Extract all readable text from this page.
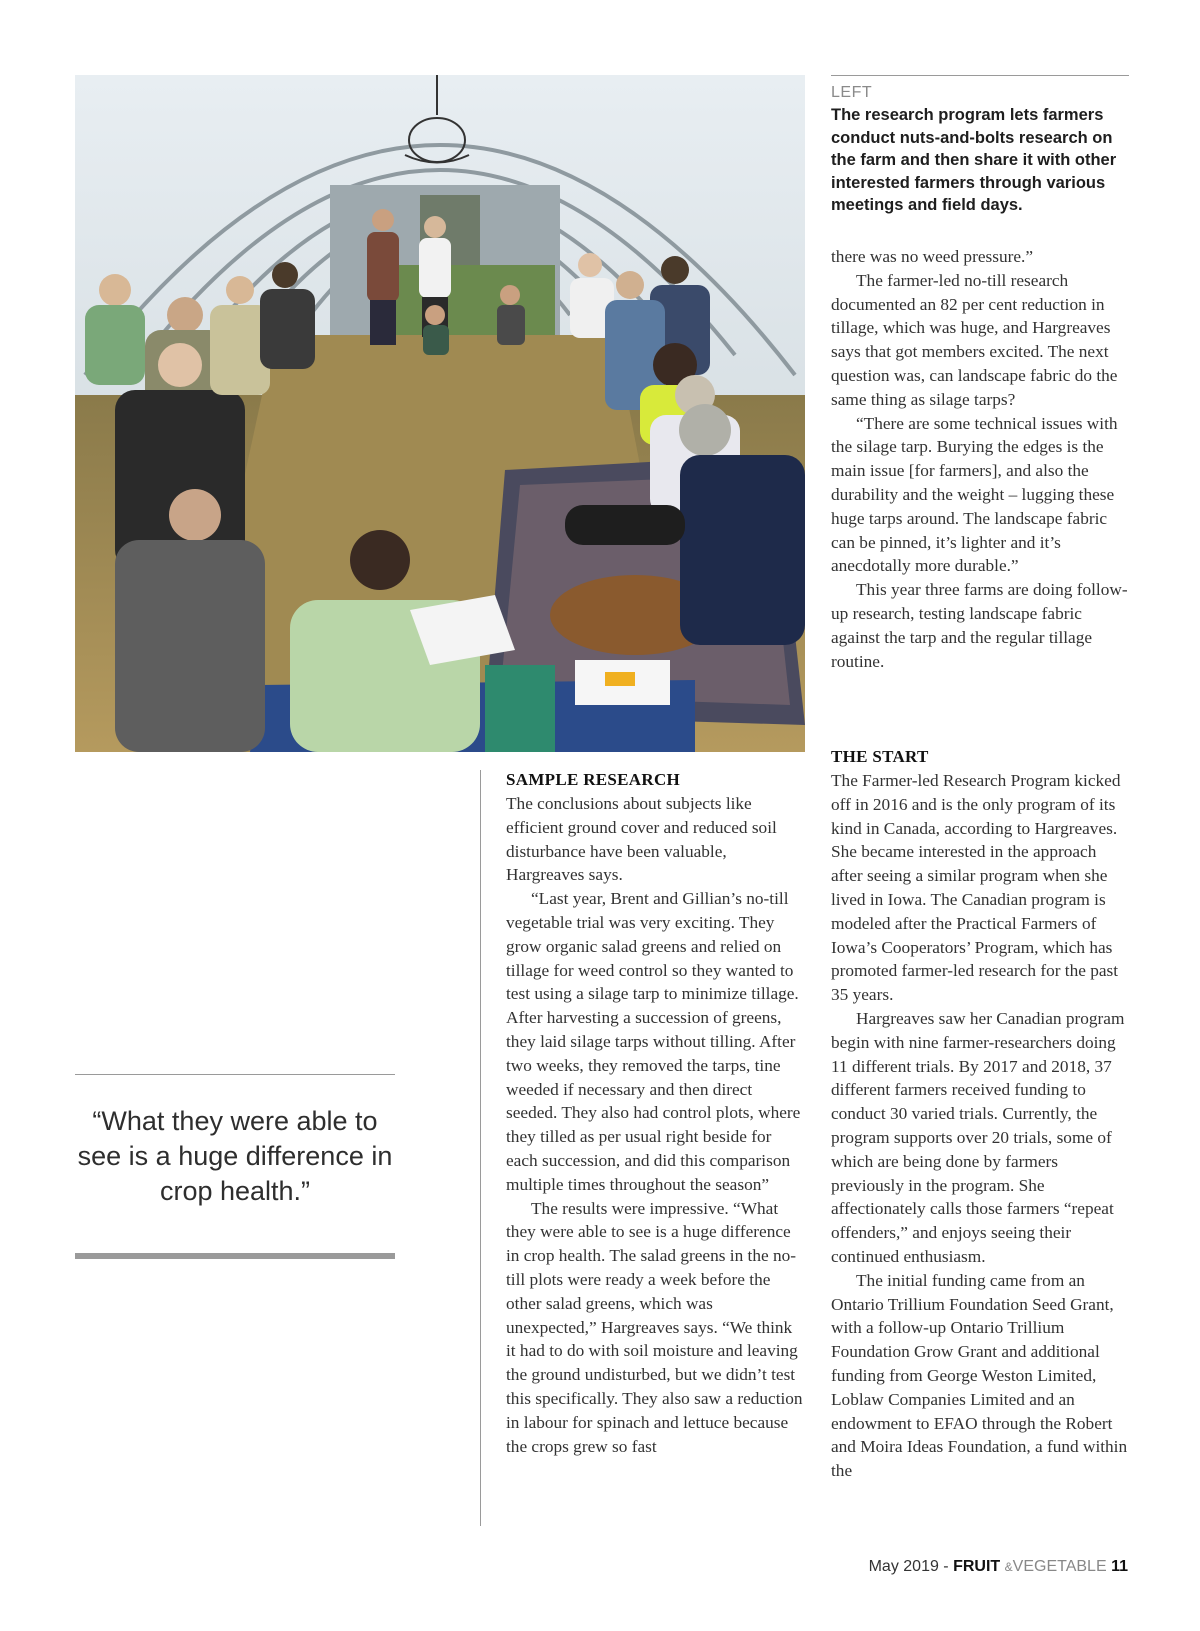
LEFT
The research program lets farmers conduct nuts-and-bolts research on the farm and then share it with other interested farmers through various meetings and field days.

there was no weed pressure.”

The farmer-led no-till research documented an 82 per cent reduction in tillage, which was huge, and Hargreaves says that got members excited. The next question was, can landscape fabric do the same thing as silage tarps?

“There are some technical issues with the silage tarp. Burying the edges is the main issue [for farmers], and also the durability and the weight – lugging these huge tarps around. The landscape fabric can be pinned, it’s lighter and it’s anecdotally more durable.”

This year three farms are doing follow-up research, testing landscape fabric against the tarp and the regular tillage routine.

THE START

The Farmer-led Research Program kicked off in 2016 and is the only program of its kind in Canada, according to Hargreaves. She became interested in the approach after seeing a similar program when she lived in Iowa. The Canadian program is modeled after the Practical Farmers of Iowa’s Cooperators’ Program, which has promoted farmer-led research for the past 35 years.

Hargreaves saw her Canadian program begin with nine farmer-researchers doing 11 different trials. By 2017 and 2018, 37 different farmers received funding to conduct 30 varied trials. Currently, the program supports over 20 trials, some of which are being done by farmers previously in the program. She affectionately calls those farmers “repeat offenders,” and enjoys seeing their continued enthusiasm.

The initial funding came from an Ontario Trillium Foundation Seed Grant, with a follow-up Ontario Trillium Foundation Grow Grant and additional funding from George Weston Limited, Loblaw Companies Limited and an endowment to EFAO through the Robert and Moira Ideas Foundation, a fund within the

SAMPLE RESEARCH

The conclusions about subjects like efficient ground cover and reduced soil disturbance have been valuable, Hargreaves says.

“Last year, Brent and Gillian’s no-till vegetable trial was very exciting. They grow organic salad greens and relied on tillage for weed control so they wanted to test using a silage tarp to minimize tillage. After harvesting a succession of greens, they laid silage tarps without tilling. After two weeks, they removed the tarps, tine weeded if necessary and then direct seeded. They also had control plots, where they tilled as per usual right beside for each succession, and did this comparison multiple times throughout the season”

The results were impressive. “What they were able to see is a huge difference in crop health. The salad greens in the no-till plots were ready a week before the other salad greens, which was unexpected,” Hargreaves says. “We think it had to do with soil moisture and leaving the ground undisturbed, but we didn’t test this specifically. They also saw a reduction in labour for spinach and lettuce because the crops grew so fast

“What they were able to see is a huge difference in crop health.”
May 2019 - FRUIT &VEGETABLE 11
